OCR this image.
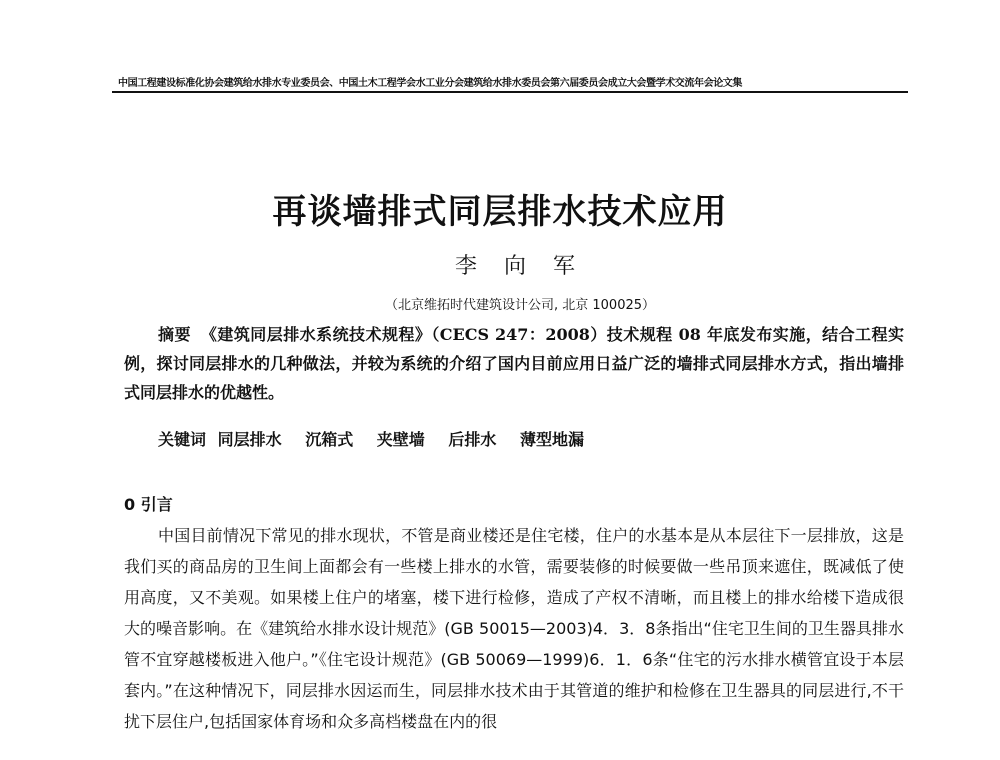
中国工程建设标准化协会建筑给水排水专业委员会、中国土木工程学会水工业分会建筑给水排水委员会第六届委员会成立大会暨学术交流年会论文集
再谈墙排式同层排水技术应用
李 向 军
（北京维拓时代建筑设计公司, 北京 100025）
摘要 《建筑同层排水系统技术规程》（CECS 247：2008）技术规程 08 年底发布实施，结合工程实例，探讨同层排水的几种做法，并较为系统的介绍了国内目前应用日益广泛的墙排式同层排水方式，指出墙排式同层排水的优越性。
关键词 同层排水 沉箱式 夹壁墙 后排水 薄型地漏
0 引言

中国目前情况下常见的排水现状，不管是商业楼还是住宅楼，住户的水基本是从本层往下一层排放，这是我们买的商品房的卫生间上面都会有一些楼上排水的水管，需要装修的时候要做一些吊顶来遮住，既减低了使用高度，又不美观。如果楼上住户的堵塞，楼下进行检修，造成了产权不清晰，而且楼上的排水给楼下造成很大的噪音影响。在《建筑给水排水设计规范》(GB 50015—2003)4．3．8条指出“住宅卫生间的卫生器具排水管不宜穿越楼板进入他户。”《住宅设计规范》(GB 50069—1999)6．1．6条“住宅的污水排水横管宜设于本层套内。”在这种情况下，同层排水因运而生，同层排水技术由于其管道的维护和检修在卫生器具的同层进行,不干扰下层住户,包括国家体育场和众多高档楼盘在内的很
